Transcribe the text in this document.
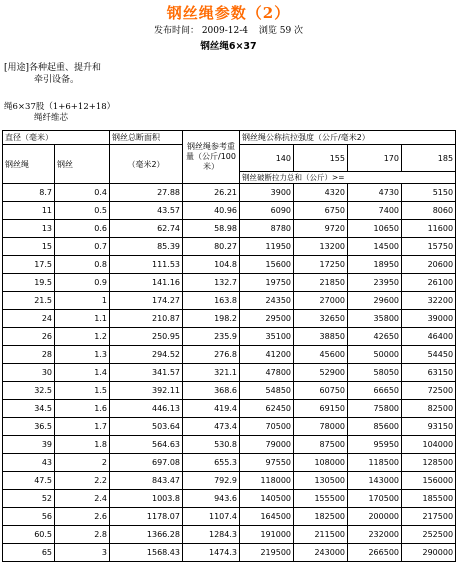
钢丝绳参数（2）
发布时间： 2009-12-4 浏览 59 次
钢丝绳6×37
[用途]各种起重、提升和
牵引设备。
绳6×37股（1+6+12+18）
绳纤维芯
直径（毫米）		钢丝总断面积	钢丝绳参考重量（公斤/100米）	钢丝绳公称抗拉强度（公斤/毫米2）			
钢丝绳	钢丝	（毫米2）		140	155	170	185
				钢丝破断拉力总和（公斤）>=			
8.7	0.4	27.88	26.21	3900	4320	4730	5150
11	0.5	43.57	40.96	6090	6750	7400	8060
13	0.6	62.74	58.98	8780	9720	10650	11600
15	0.7	85.39	80.27	11950	13200	14500	15750
17.5	0.8	111.53	104.8	15600	17250	18950	20600
19.5	0.9	141.16	132.7	19750	21850	23950	26100
21.5	1	174.27	163.8	24350	27000	29600	32200
24	1.1	210.87	198.2	29500	32650	35800	39000
26	1.2	250.95	235.9	35100	38850	42650	46400
28	1.3	294.52	276.8	41200	45600	50000	54450
30	1.4	341.57	321.1	47800	52900	58050	63150
32.5	1.5	392.11	368.6	54850	60750	66650	72500
34.5	1.6	446.13	419.4	62450	69150	75800	82500
36.5	1.7	503.64	473.4	70500	78000	85600	93150
39	1.8	564.63	530.8	79000	87500	95950	104000
43	2	697.08	655.3	97550	108000	118500	128500
47.5	2.2	843.47	792.9	118000	130500	143000	156000
52	2.4	1003.8	943.6	140500	155500	170500	185500
56	2.6	1178.07	1107.4	164500	182500	200000	217500
60.5	2.8	1366.28	1284.3	191000	211500	232000	252500
65	3	1568.43	1474.3	219500	243000	266500	290000
